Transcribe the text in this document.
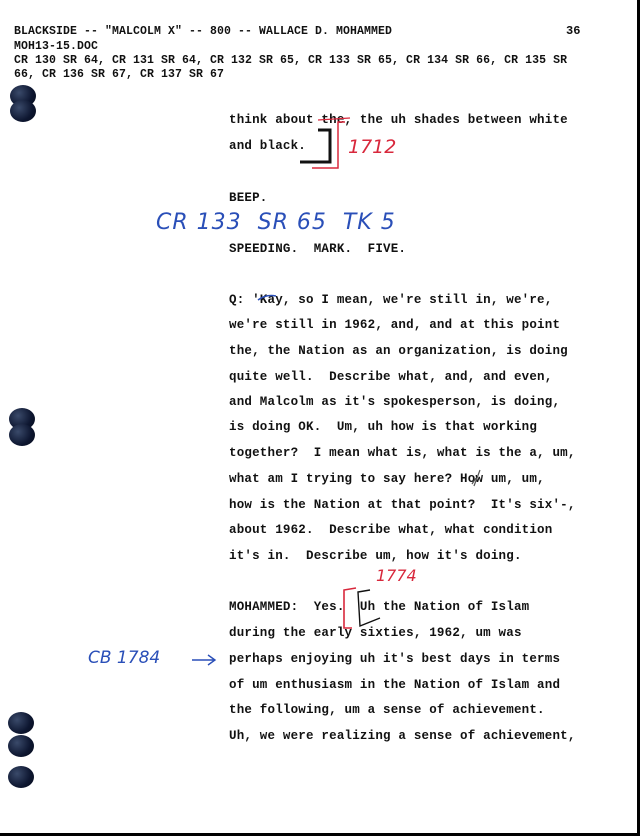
BLACKSIDE -- "MALCOLM X" -- 800 -- WALLACE D. MOHAMMED	36
MOH13-15.DOC
CR 130 SR 64, CR 131 SR 64, CR 132 SR 65, CR 133 SR 65, CR 134 SR 66, CR 135 SR
66, CR 136 SR 67, CR 137 SR 67
think about the, the uh shades between white
and black.
BEEP.
SPEEDING.  MARK.  FIVE.
Q: 'Kay, so I mean, we're still in, we're,
we're still in 1962, and, and at this point
the, the Nation as an organization, is doing
quite well.  Describe what, and, and even,
and Malcolm as it's spokesperson, is doing,
is doing OK.  Um, uh how is that working
together?  I mean what is, what is the a, um,
what am I trying to say here? How um, um,
how is the Nation at that point?  It's six'-,
about 1962.  Describe what, what condition
it's in.  Describe um, how it's doing.
MOHAMMED:  Yes.  Uh the Nation of Islam
during the early sixties, 1962, um was
perhaps enjoying uh it's best days in terms
of um enthusiasm in the Nation of Islam and
the following, um a sense of achievement.
Uh, we were realizing a sense of achievement,
1712
CR 133  SR 65  TK 5
1774
CB 1784
